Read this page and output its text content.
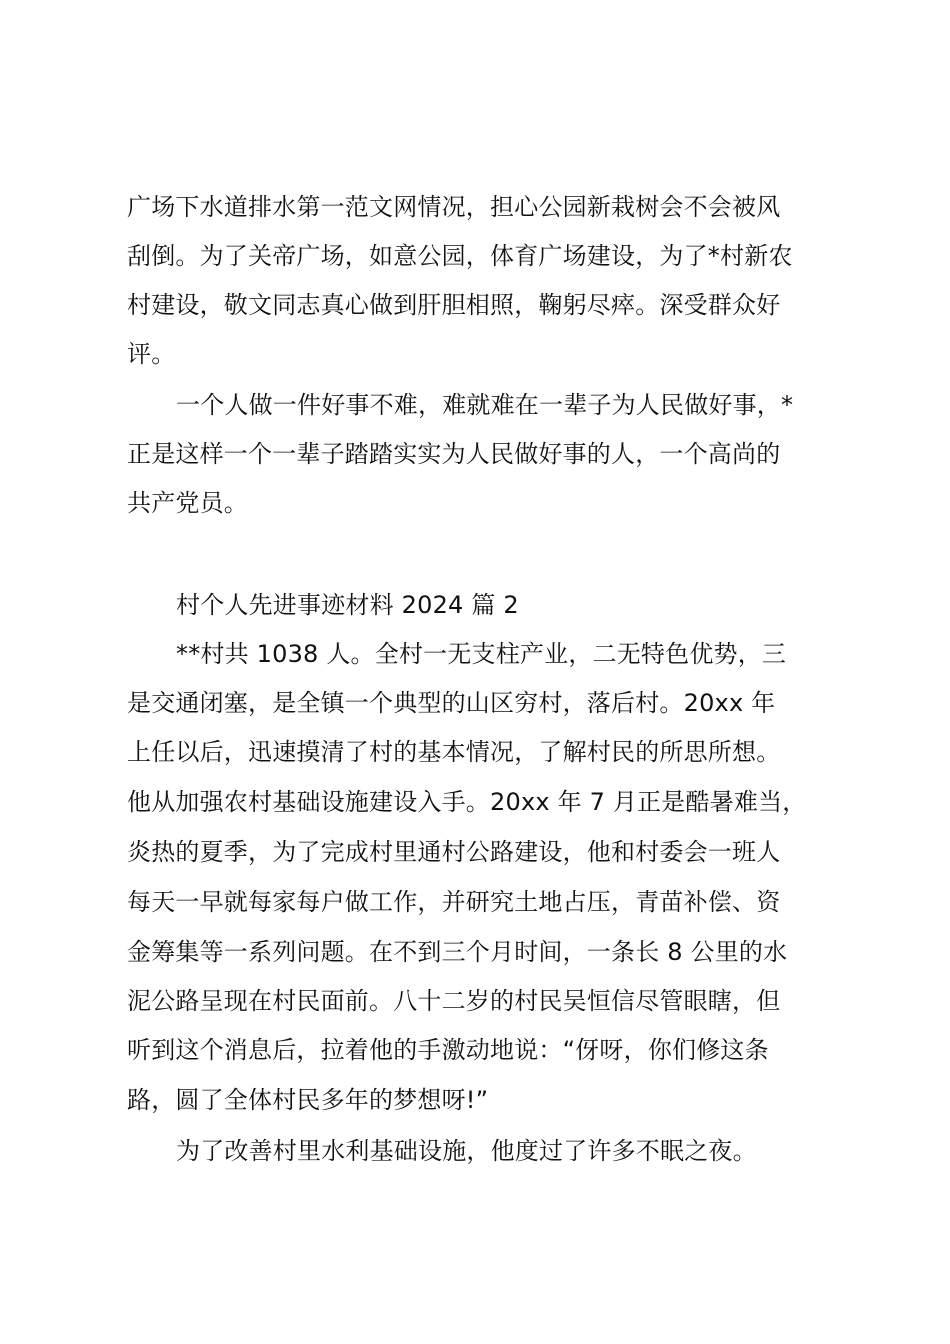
广场下水道排水第一范文网情况，担心公园新栽树会不会被风
刮倒。为了关帝广场，如意公园，体育广场建设，为了*村新农
村建设，敬文同志真心做到肝胆相照，鞠躬尽瘁。深受群众好
评。
一个人做一件好事不难，难就难在一辈子为人民做好事，*
正是这样一个一辈子踏踏实实为人民做好事的人，一个高尚的
共产党员。
村个人先进事迹材料 2024 篇 2
**村共 1038 人。全村一无支柱产业，二无特色优势，三
是交通闭塞，是全镇一个典型的山区穷村，落后村。20xx 年
上任以后，迅速摸清了村的基本情况，了解村民的所思所想。
他从加强农村基础设施建设入手。20xx 年 7 月正是酷暑难当，
炎热的夏季，为了完成村里通村公路建设，他和村委会一班人
每天一早就每家每户做工作，并研究土地占压，青苗补偿、资
金筹集等一系列问题。在不到三个月时间，一条长 8 公里的水
泥公路呈现在村民面前。八十二岁的村民吴恒信尽管眼瞎，但
听到这个消息后，拉着他的手激动地说：“伢呀，你们修这条
路，圆了全体村民多年的梦想呀!”
为了改善村里水利基础设施，他度过了许多不眠之夜。
